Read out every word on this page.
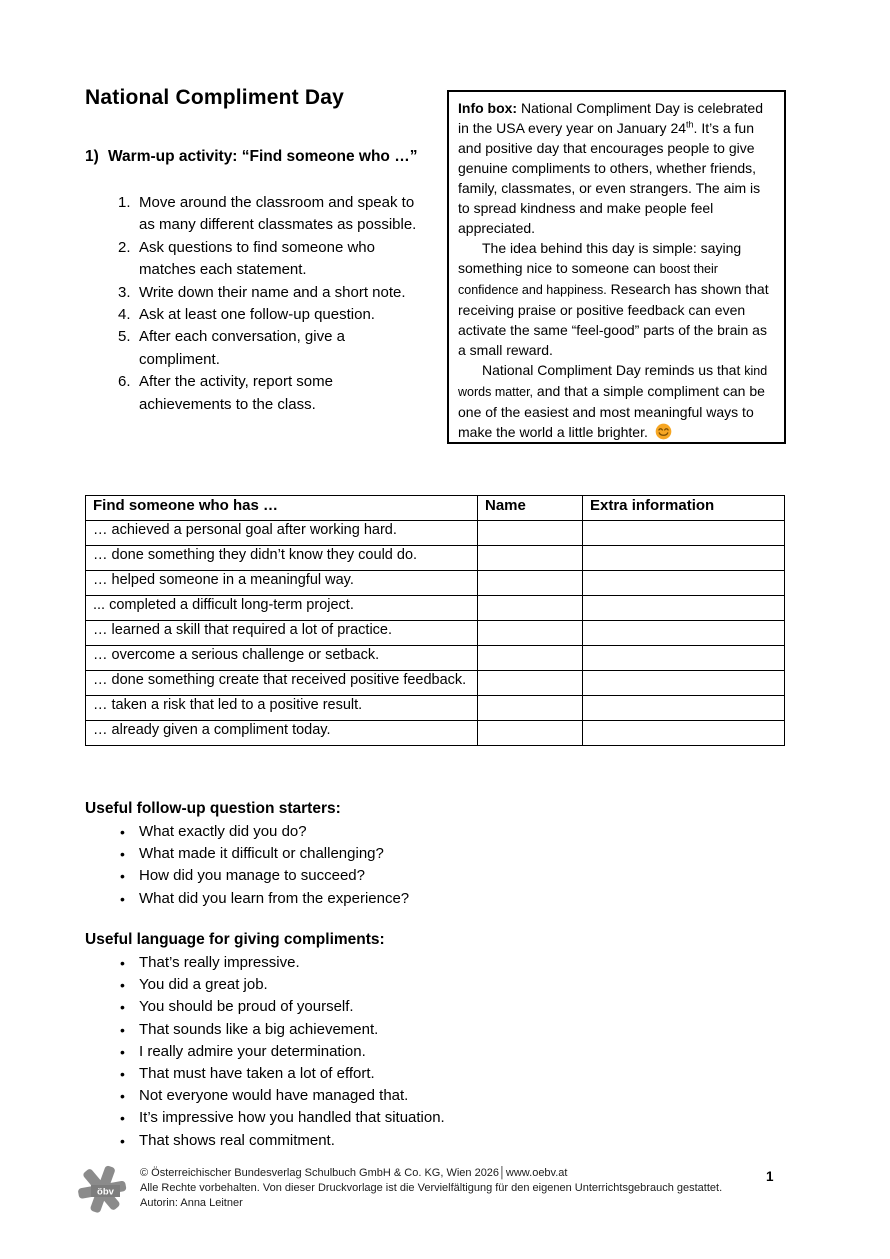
National Compliment Day	Info box: National Compliment Day is celebrated in the USA every year on January 24th. It’s a fun and positive day that encourages people to give genuine compliments to others, whether friends, family, classmates, or even strangers. The aim is to spread kindness and make people feel appreciated.

The idea behind this day is simple: saying something nice to someone can boost their confidence and happiness. Research has shown that receiving praise or positive feedback can even activate the same “feel-good” parts of the brain as a small reward.

National Compliment Day reminds us that kind words matter, and that a simple compliment can be one of the easiest and most meaningful ways to make the world a little brighter.

1) Warm-up activity: “Find someone who …”
1. Move around the classroom and speak to as many different classmates as possible.
2. Ask questions to find someone who matches each statement.
3. Write down their name and a short note.
4. Ask at least one follow-up question.
5. After each conversation, give a compliment.
6. After the activity, report some achievements to the class.
Find someone who has …	Name	Extra information
… achieved a personal goal after working hard.		
… done something they didn’t know they could do.		
… helped someone in a meaningful way.		
... completed a difficult long-term project.		
… learned a skill that required a lot of practice.		
… overcome a serious challenge or setback.		
… done something create that received positive feedback.		
… taken a risk that led to a positive result.		
… already given a compliment today.		
Useful follow-up question starters:
• What exactly did you do?
• What made it difficult or challenging?
• How did you manage to succeed?
• What did you learn from the experience?
Useful language for giving compliments:
• That’s really impressive.
• You did a great job.
• You should be proud of yourself.
• That sounds like a big achievement.
• I really admire your determination.
• That must have taken a lot of effort.
• Not everyone would have managed that.
• It’s impressive how you handled that situation.
• That shows real commitment.
öbv
© Österreichischer Bundesverlag Schulbuch GmbH & Co. KG, Wien 2026│www.oebv.at
Alle Rechte vorbehalten. Von dieser Druckvorlage ist die Vervielfältigung für den eigenen Unterrichtsgebrauch gestattet.
Autorin: Anna Leitner
1
